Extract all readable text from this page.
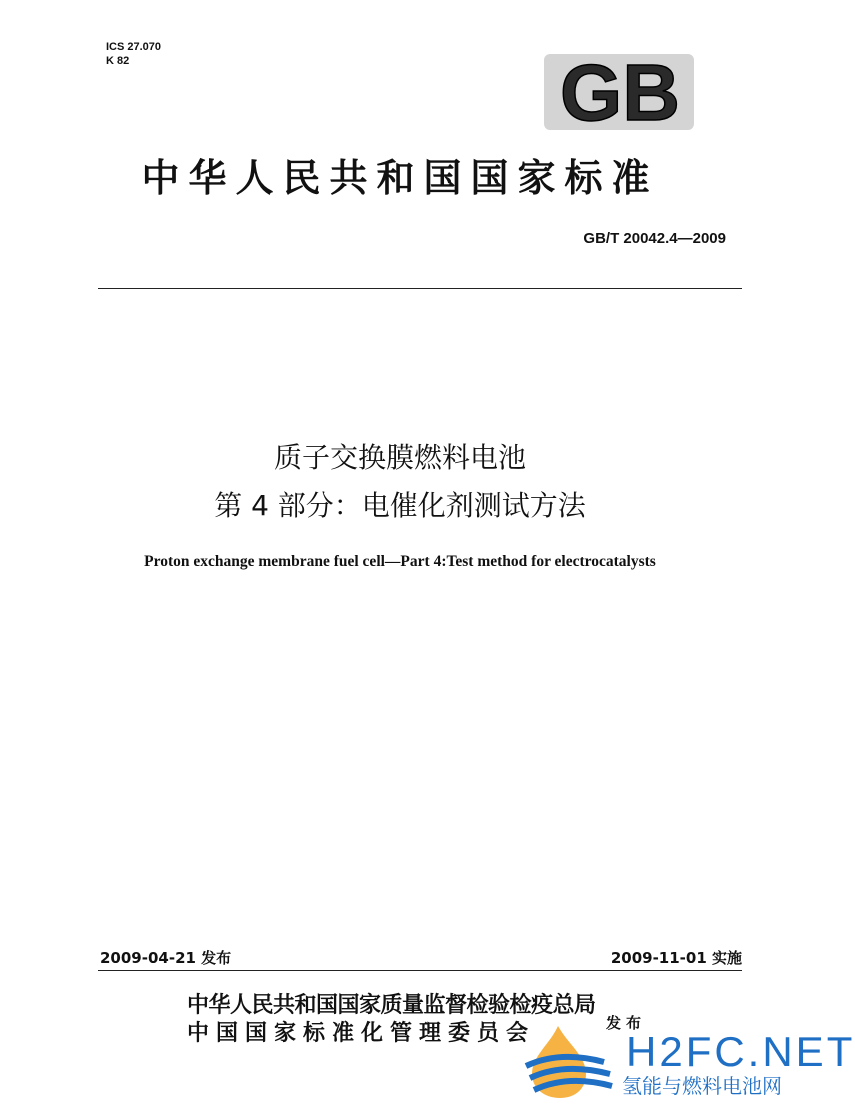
ICS 27.070
K 82	GB
中华人民共和国国家标准
GB/T 20042.4—2009
质子交换膜燃料电池
第 4 部分：电催化剂测试方法
Proton exchange membrane fuel cell—Part 4:Test method for electrocatalysts
2009-04-21 发布	2009-11-01 实施
中华人民共和国国家质量监督检验检疫总局
中国国家标准化管理委员会	发布
H2FC.NET
氢能与燃料电池网
